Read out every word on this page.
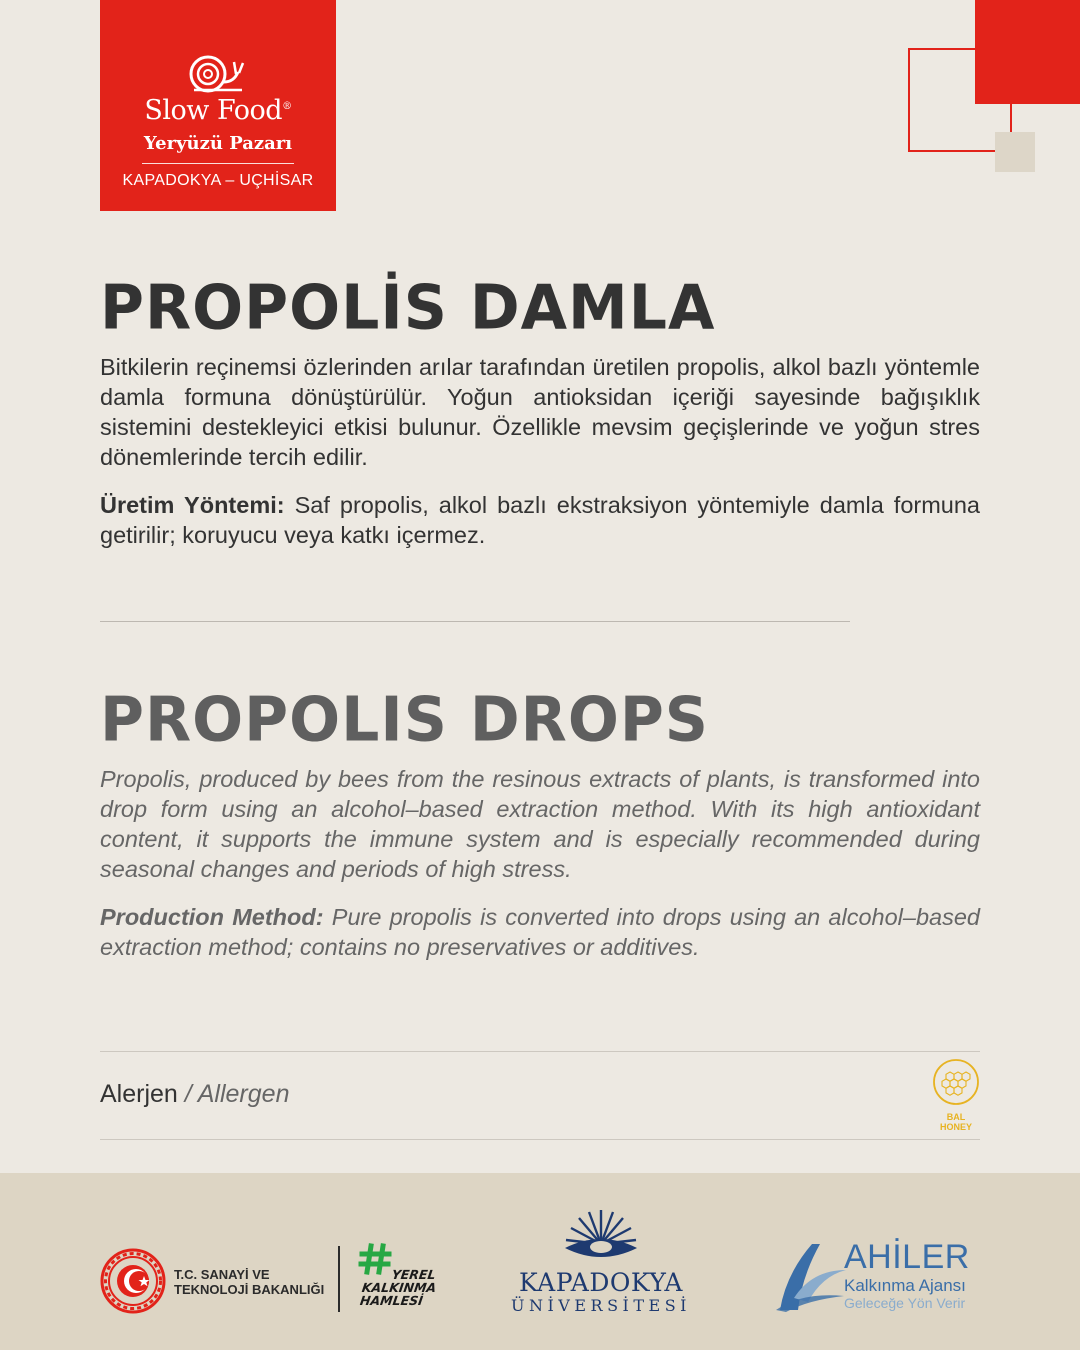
Slow Food®
Yeryüzü Pazarı
KAPADOKYA – UÇHİSAR
PROPOLİS DAMLA

Bitkilerin reçinemsi özlerinden arılar tarafından üretilen propolis, alkol bazlı yöntemle damla formuna dönüştürülür. Yoğun antioksidan içeriği sayesinde bağışıklık sistemini destekleyici etkisi bulunur. Özellikle mevsim geçişlerinde ve yoğun stres dönemlerinde tercih edilir.

Üretim Yöntemi: Saf propolis, alkol bazlı ekstraksiyon yöntemiyle damla formuna getirilir; koruyucu veya katkı içermez.

PROPOLIS DROPS

Propolis, produced by bees from the resinous extracts of plants, is transformed into drop form using an alcohol–based extraction method. With its high antioxidant content, it supports the immune system and is especially recommended during seasonal changes and periods of high stress.

Production Method: Pure propolis is converted into drops using an alcohol–based extraction method; contains no preservatives or additives.

Alerjen / Allergen
BAL
HONEY
T.C. SANAYİ VE
TEKNOLOJİ BAKANLIĞI
YEREL
KALKINMA
HAMLESİ
KAPADOKYA
ÜNİVERSİTESİ
AHİLER
Kalkınma Ajansı
Geleceğe Yön Verir
